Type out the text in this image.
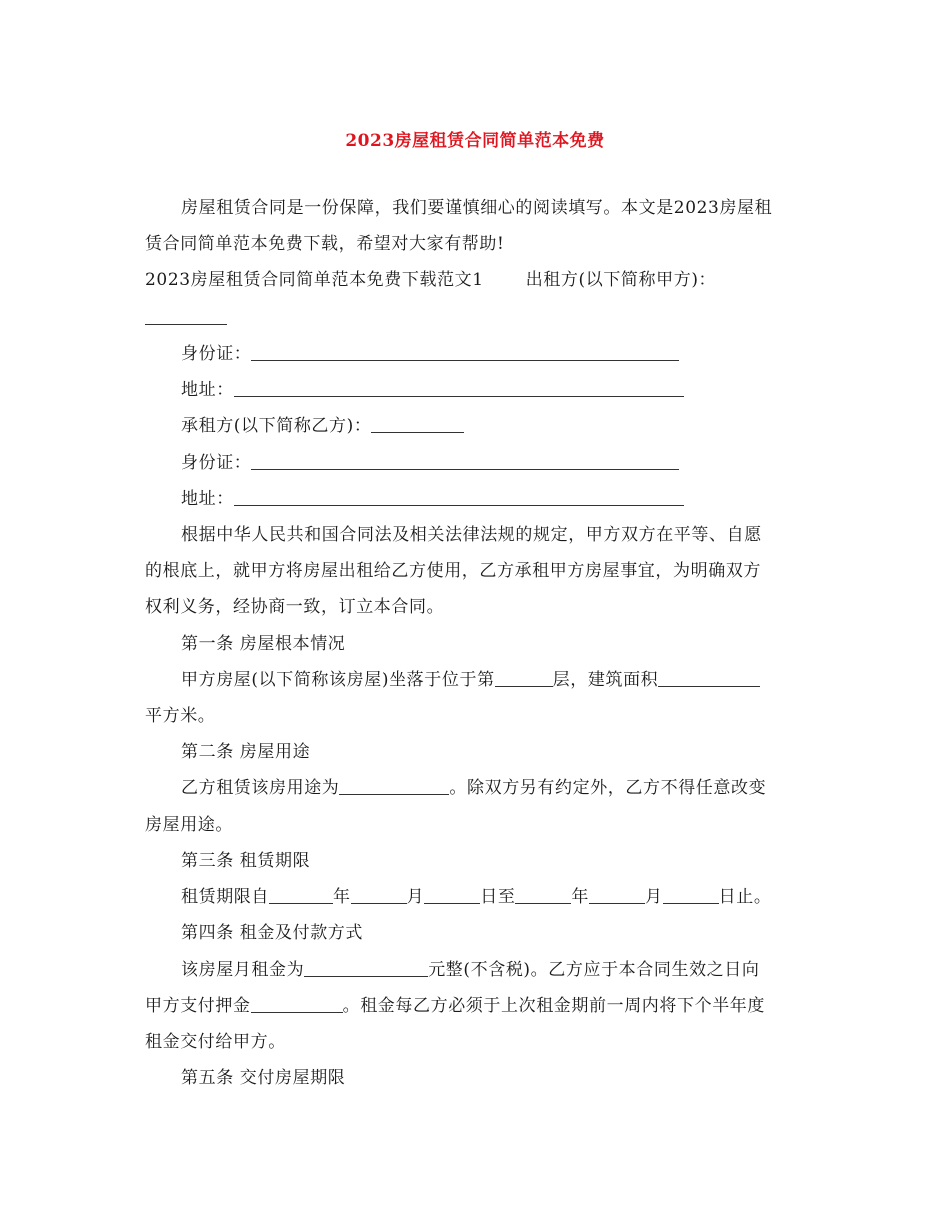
2023房屋租赁合同简单范本免费
房屋租赁合同是一份保障，我们要谨慎细心的阅读填写。本文是2023房屋租
赁合同简单范本免费下载，希望对大家有帮助!
2023房屋租赁合同简单范本免费下载范文1 出租方(以下简称甲方)：
身份证：
地址：
承租方(以下简称乙方)：
身份证：
地址：
根据中华人民共和国合同法及相关法律法规的规定，甲方双方在平等、自愿
的根底上，就甲方将房屋出租给乙方使用，乙方承租甲方房屋事宜，为明确双方
权利义务，经协商一致，订立本合同。
第一条 房屋根本情况
甲方房屋(以下简称该房屋)坐落于位于第	层，建筑面积
平方米。
第二条 房屋用途
乙方租赁该房用途为	。除双方另有约定外，乙方不得任意改变
房屋用途。
第三条 租赁期限
租赁期限自	年	月	日至	年	月	日止。
第四条 租金及付款方式
该房屋月租金为	元整(不含税)。乙方应于本合同生效之日向
甲方支付押金	。租金每乙方必须于上次租金期前一周内将下个半年度
租金交付给甲方。
第五条 交付房屋期限
